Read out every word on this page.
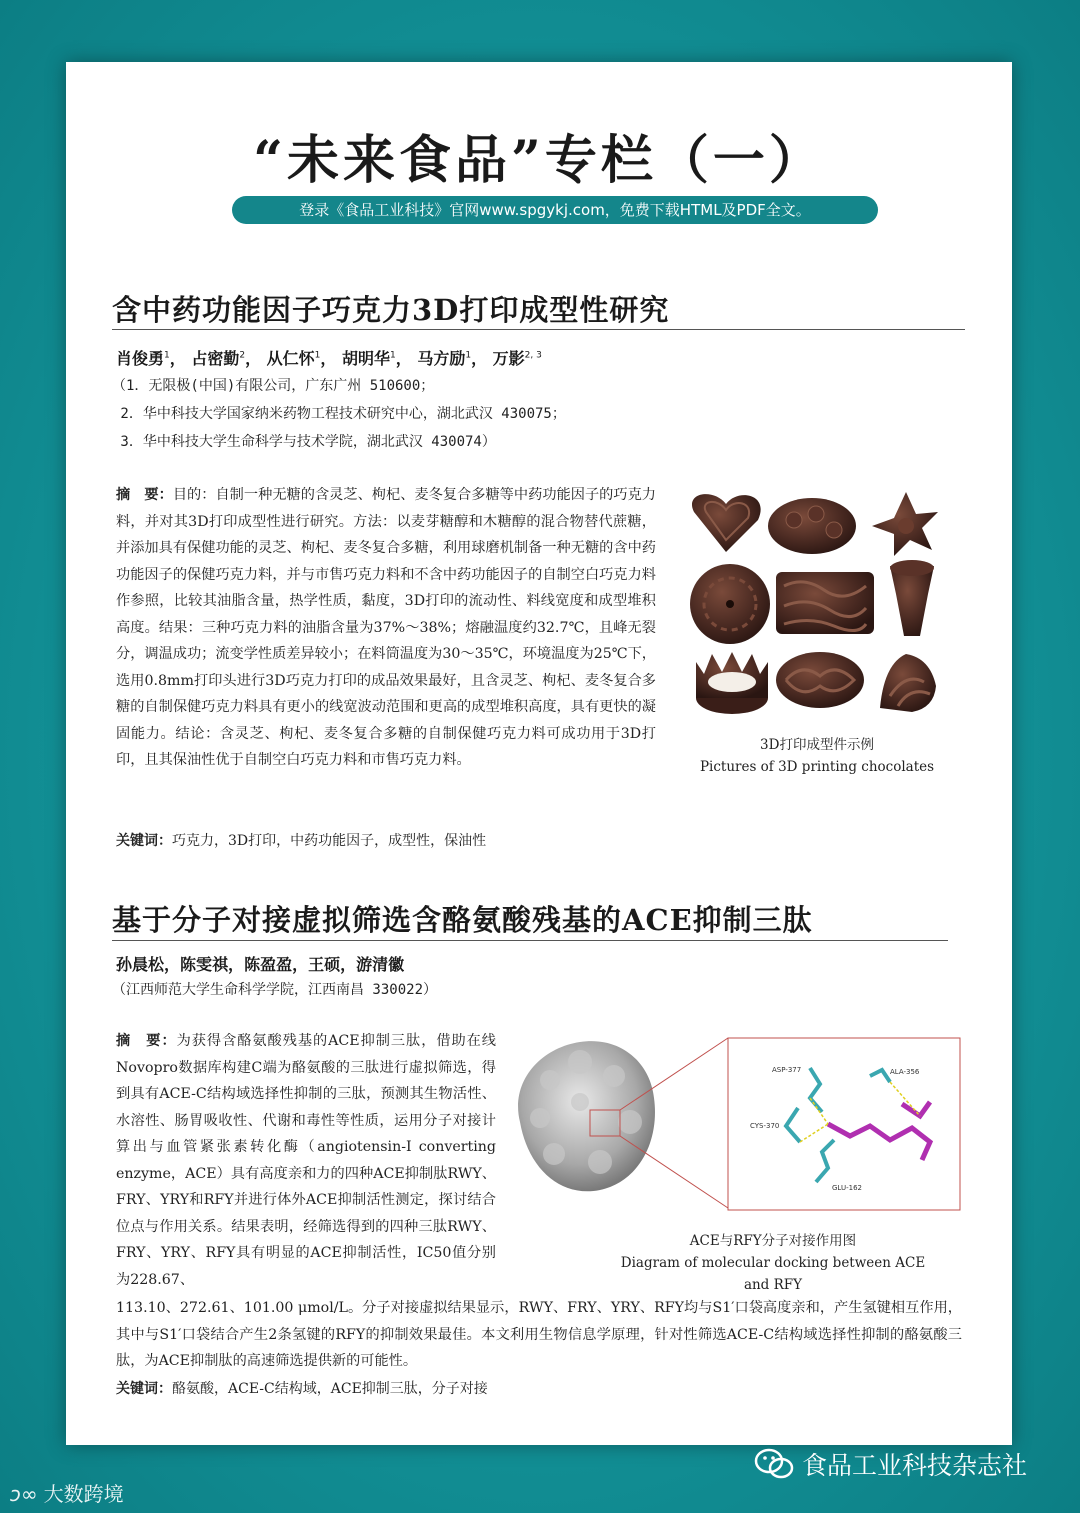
“未来食品”专栏（一）
登录《食品工业科技》官网www.spgykj.com，免费下载HTML及PDF全文。
含中药功能因子巧克力3D打印成型性研究
肖俊勇$^1$， 占密勤$^2$， 从仁怀$^1$， 胡明华$^1$， 马方励$^1$， 万影$^{2, 3}$
（1．无限极(中国)有限公司，广东广州 510600；
2．华中科技大学国家纳米药物工程技术研究中心，湖北武汉 430075；
3．华中科技大学生命科学与技术学院，湖北武汉 430074）
摘　要：目的：自制一种无糖的含灵芝、枸杞、麦冬复合多糖等中药功能因子的巧克力料，并对其3D打印成型性进行研究。方法：以麦芽糖醇和木糖醇的混合物替代蔗糖，并添加具有保健功能的灵芝、枸杞、麦冬复合多糖，利用球磨机制备一种无糖的含中药功能因子的保健巧克力料，并与市售巧克力料和不含中药功能因子的自制空白巧克力料作参照，比较其油脂含量，热学性质，黏度，3D打印的流动性、料线宽度和成型堆积高度。结果：三种巧克力料的油脂含量为37%～38%；熔融温度约32.7℃，且峰无裂分，调温成功；流变学性质差异较小；在料筒温度为30～35℃，环境温度为25℃下，选用0.8mm打印头进行3D巧克力打印的成品效果最好，且含灵芝、枸杞、麦冬复合多糖的自制保健巧克力料具有更小的线宽波动范围和更高的成型堆积高度，具有更快的凝固能力。结论：含灵芝、枸杞、麦冬复合多糖的自制保健巧克力料可成功用于3D打印，且其保油性优于自制空白巧克力料和市售巧克力料。
关键词：巧克力，3D打印，中药功能因子，成型性，保油性
3D打印成型件示例
Pictures of 3D printing chocolates
基于分子对接虚拟筛选含酪氨酸残基的ACE抑制三肽
孙晨松，陈雯祺，陈盈盈，王硕，游清徽
（江西师范大学生命科学学院，江西南昌 330022）
摘　要：为获得含酪氨酸残基的ACE抑制三肽，借助在线Novopro数据库构建C端为酪氨酸的三肽进行虚拟筛选，得到具有ACE-C结构域选择性抑制的三肽，预测其生物活性、水溶性、肠胃吸收性、代谢和毒性等性质，运用分子对接计算出与血管紧张素转化酶（angiotensin-I converting enzyme，ACE）具有高度亲和力的四种ACE抑制肽RWY、FRY、YRY和RFY并进行体外ACE抑制活性测定，探讨结合位点与作用关系。结果表明，经筛选得到的四种三肽RWY、FRY、YRY、RFY具有明显的ACE抑制活性，IC50值分别为228.67、
113.10、272.61、101.00 μmol/L。分子对接虚拟结果显示，RWY、FRY、YRY、RFY均与S1′口袋高度亲和，产生氢键相互作用，其中与S1′口袋结合产生2条氢键的RFY的抑制效果最佳。本文利用生物信息学原理，针对性筛选ACE-C结构域选择性抑制的酪氨酸三肽，为ACE抑制肽的高速筛选提供新的可能性。
关键词：酪氨酸，ACE-C结构域，ACE抑制三肽，分子对接
ASP-377	ALA-356
CYS-370
GLU-162
ACE与RFY分子对接作用图
Diagram of molecular docking between ACE and RFY
ↄ∞ 大数跨境
食品工业科技杂志社
